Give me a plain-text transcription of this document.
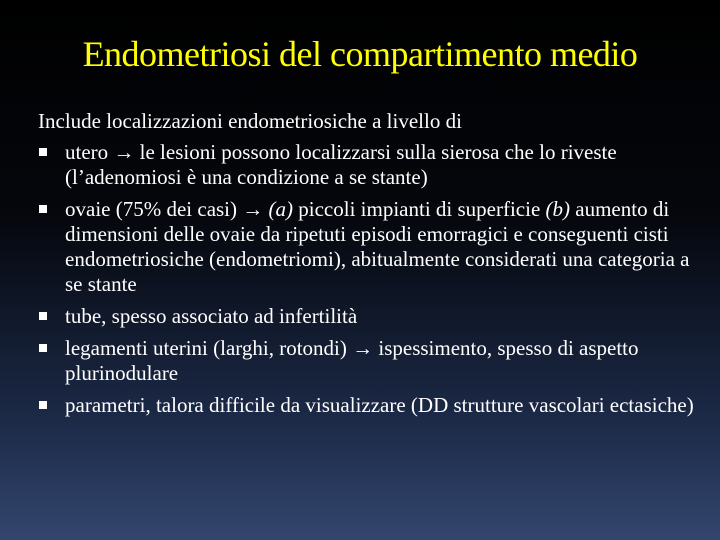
Endometriosi del compartimento medio
Include localizzazioni endometriosiche a livello di
utero → le lesioni possono localizzarsi sulla sierosa che lo riveste (l’adenomiosi è una condizione a se stante)
ovaie (75% dei casi) → (a) piccoli impianti di superficie (b) aumento di dimensioni delle ovaie da ripetuti episodi emorragici e conseguenti cisti endometriosiche (endometriomi), abitualmente considerati una categoria a se stante
tube, spesso associato ad infertilità
legamenti uterini (larghi, rotondi) → ispessimento, spesso di aspetto plurinodulare
parametri, talora difficile da visualizzare (DD strutture vascolari ectasiche)
